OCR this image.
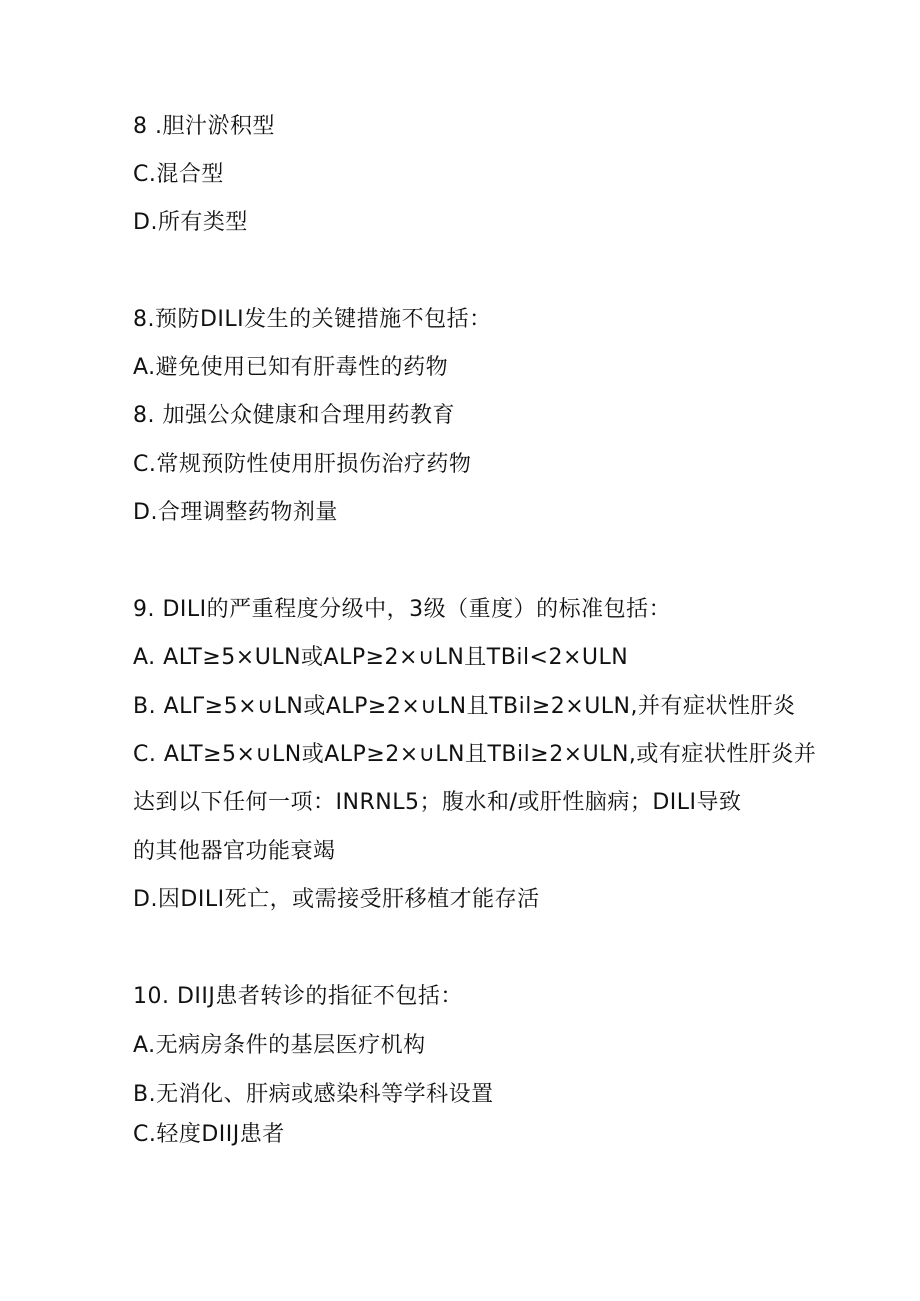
8 .胆汁淤积型
C.混合型
D.所有类型
8.预防DILI发生的关键措施不包括：
A.避免使用已知有肝毒性的药物
8. 加强公众健康和合理用药教育
C.常规预防性使用肝损伤治疗药物
D.合理调整药物剂量
9. DILI的严重程度分级中，3级（重度）的标准包括：
A. ALT≥5×ULN或ALP≥2×∪LN且TBil<2×ULN
B. ALΓ≥5×∪LN或ALP≥2×∪LN且TBil≥2×ULN,并有症状性肝炎
C. ALT≥5×∪LN或ALP≥2×∪LN且TBil≥2×ULN,或有症状性肝炎并
达到以下任何一项：INRNL5；腹水和/或肝性脑病；DILI导致
的其他器官功能衰竭
D.因DILI死亡，或需接受肝移植才能存活
10. DIIJ患者转诊的指征不包括：
A.无病房条件的基层医疗机构
B.无消化、肝病或感染科等学科设置
C.轻度DIIJ患者
